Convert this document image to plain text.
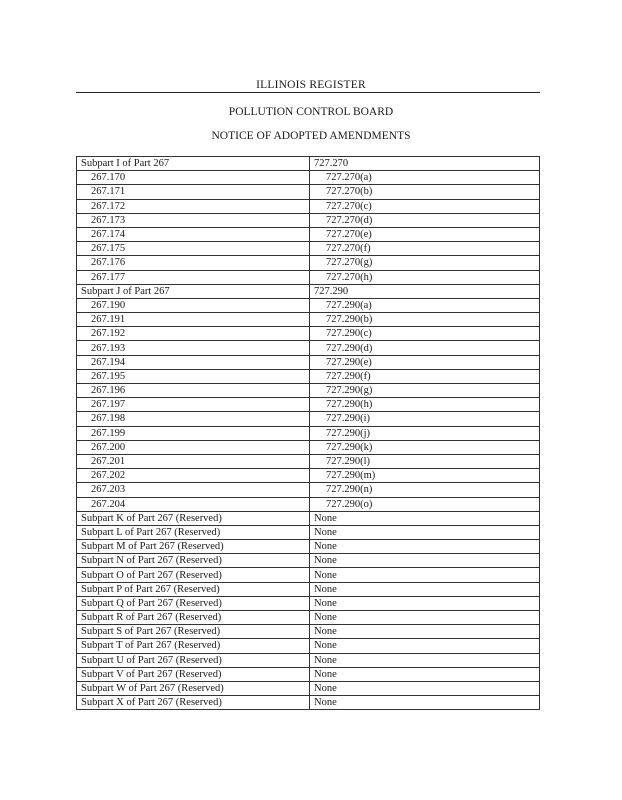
ILLINOIS REGISTER
POLLUTION CONTROL BOARD
NOTICE OF ADOPTED AMENDMENTS
Subpart I of Part 267	727.270
267.170	727.270(a)
267.171	727.270(b)
267.172	727.270(c)
267.173	727.270(d)
267.174	727.270(e)
267.175	727.270(f)
267.176	727.270(g)
267.177	727.270(h)
Subpart J of Part 267	727.290
267.190	727.290(a)
267.191	727.290(b)
267.192	727.290(c)
267.193	727.290(d)
267.194	727.290(e)
267.195	727.290(f)
267.196	727.290(g)
267.197	727.290(h)
267.198	727.290(i)
267.199	727.290(j)
267.200	727.290(k)
267.201	727.290(l)
267.202	727.290(m)
267.203	727.290(n)
267.204	727.290(o)
Subpart K of Part 267 (Reserved)	None
Subpart L of Part 267 (Reserved)	None
Subpart M of Part 267 (Reserved)	None
Subpart N of Part 267 (Reserved)	None
Subpart O of Part 267 (Reserved)	None
Subpart P of Part 267 (Reserved)	None
Subpart Q of Part 267 (Reserved)	None
Subpart R of Part 267 (Reserved)	None
Subpart S of Part 267 (Reserved)	None
Subpart T of Part 267 (Reserved)	None
Subpart U of Part 267 (Reserved)	None
Subpart V of Part 267 (Reserved)	None
Subpart W of Part 267 (Reserved)	None
Subpart X of Part 267 (Reserved)	None
